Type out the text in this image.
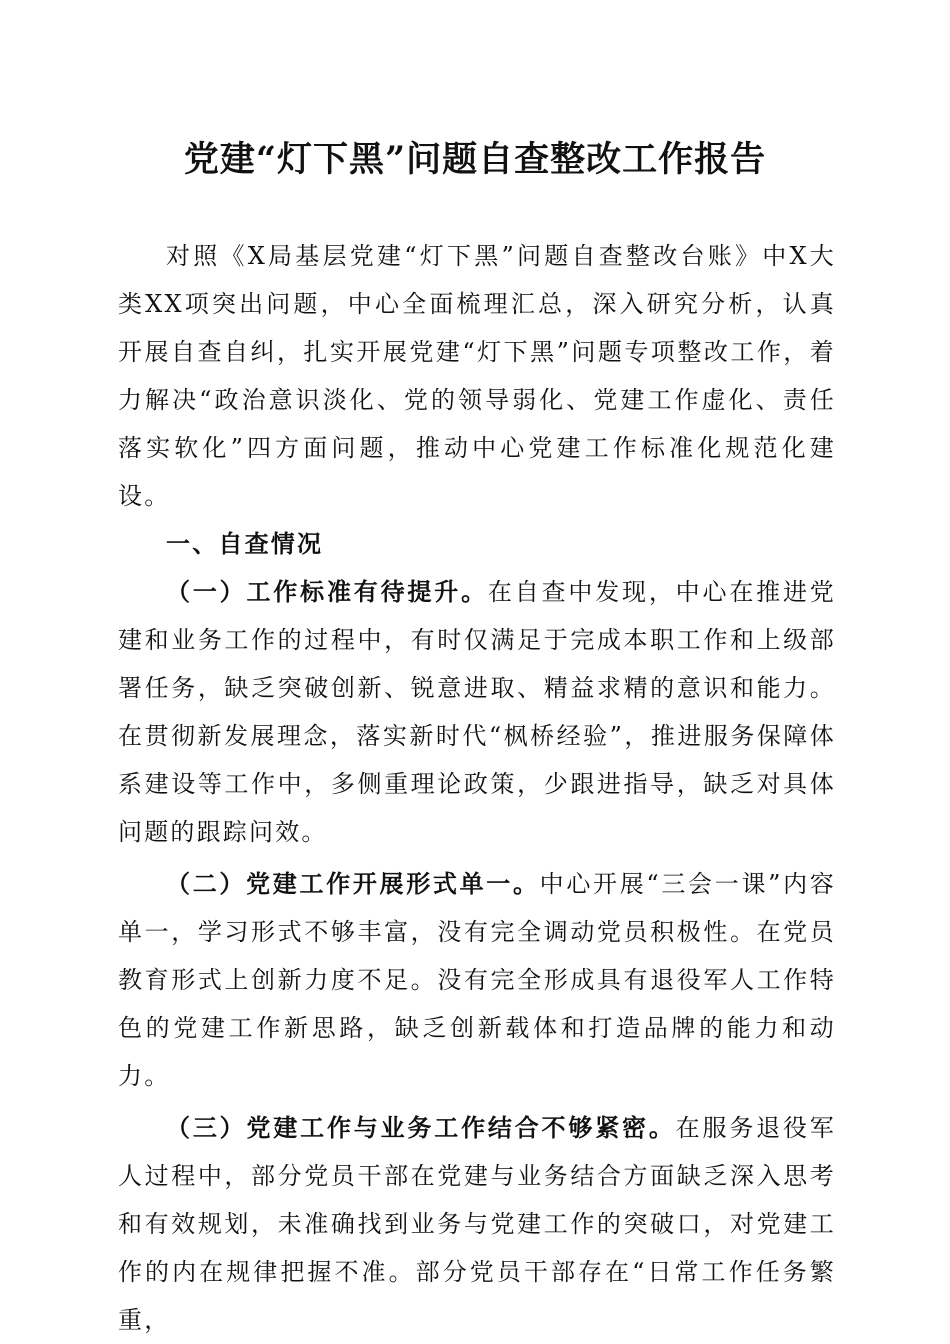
党建“灯下黑”问题自查整改工作报告

对照《X局基层党建“灯下黑”问题自查整改台账》中X大类XX项突出问题，中心全面梳理汇总，深入研究分析，认真开展自查自纠，扎实开展党建“灯下黑”问题专项整改工作，着力解决“政治意识淡化、党的领导弱化、党建工作虚化、责任落实软化”四方面问题，推动中心党建工作标准化规范化建设。

一、自查情况

（一）工作标准有待提升。在自查中发现，中心在推进党建和业务工作的过程中，有时仅满足于完成本职工作和上级部署任务，缺乏突破创新、锐意进取、精益求精的意识和能力。在贯彻新发展理念，落实新时代“枫桥经验”，推进服务保障体系建设等工作中，多侧重理论政策，少跟进指导，缺乏对具体问题的跟踪问效。

（二）党建工作开展形式单一。中心开展“三会一课”内容单一，学习形式不够丰富，没有完全调动党员积极性。在党员教育形式上创新力度不足。没有完全形成具有退役军人工作特色的党建工作新思路，缺乏创新载体和打造品牌的能力和动力。

（三）党建工作与业务工作结合不够紧密。在服务退役军人过程中，部分党员干部在党建与业务结合方面缺乏深入思考和有效规划，未准确找到业务与党建工作的突破口，对党建工作的内在规律把握不准。部分党员干部存在“日常工作任务繁重，
